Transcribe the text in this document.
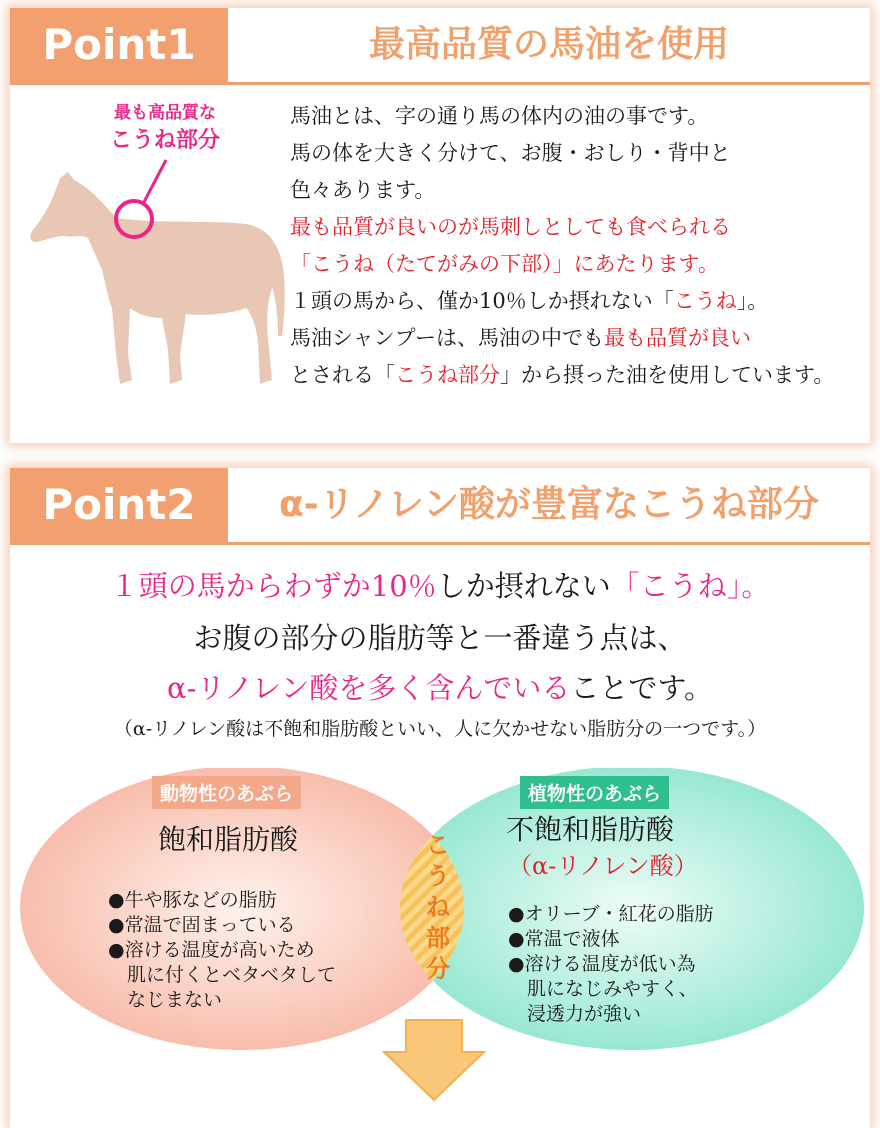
Point1	最高品質の馬油を使用
最も高品質な
こうね部分
馬油とは、字の通り馬の体内の油の事です。
馬の体を大きく分けて、お腹・おしり・背中と
色々あります。
最も品質が良いのが馬刺しとしても食べられる
「こうね（たてがみの下部）」にあたります。
１頭の馬から、僅か10％しか摂れない「こうね」。
馬油シャンプーは、馬油の中でも最も品質が良い
とされる「こうね部分」から摂った油を使用しています。
Point2	α-リノレン酸が豊富なこうね部分
１頭の馬からわずか10％しか摂れない「こうね」。
お腹の部分の脂肪等と一番違う点は、
α-リノレン酸を多く含んでいることです。
（α-リノレン酸は不飽和脂肪酸といい、人に欠かせない脂肪分の一つです。）
動物性のあぶら	植物性のあぶら
飽和脂肪酸	不飽和脂肪酸
（α-リノレン酸）
●牛や豚などの脂肪
●常温で固まっている
●溶ける温度が高いため
　肌に付くとベタベタして
　なじまない
●オリーブ・紅花の脂肪
●常温で液体
●溶ける温度が低い為
　肌になじみやすく、
　浸透力が強い
こうね部分
